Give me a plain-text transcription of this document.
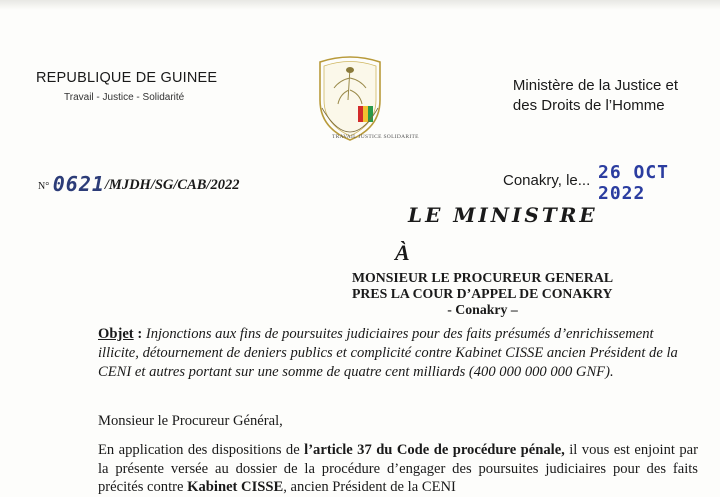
REPUBLIQUE DE GUINEE
Travail - Justice - Solidarité
TRAVAIL JUSTICE SOLIDARITE
Ministère de la Justice et
des Droits de l’Homme
N° 0621/MJDH/SG/CAB/2022	Conakry, le... 26 OCT 2022
LE MINISTRE
À
MONSIEUR LE PROCUREUR GENERAL
PRES LA COUR D’APPEL DE CONAKRY
- Conakry –
Objet : Injonctions aux fins de poursuites judiciaires pour des faits présumés d’enrichissement illicite, détournement de deniers publics et complicité contre Kabinet CISSE ancien Président de la CENI et autres portant sur une somme de quatre cent milliards (400 000 000 000 GNF).
Monsieur le Procureur Général,
En application des dispositions de l’article 37 du Code de procédure pénale, il vous est enjoint par la présente versée au dossier de la procédure d’engager des poursuites judiciaires pour des faits précités contre Kabinet CISSE, ancien Président de la CENI
